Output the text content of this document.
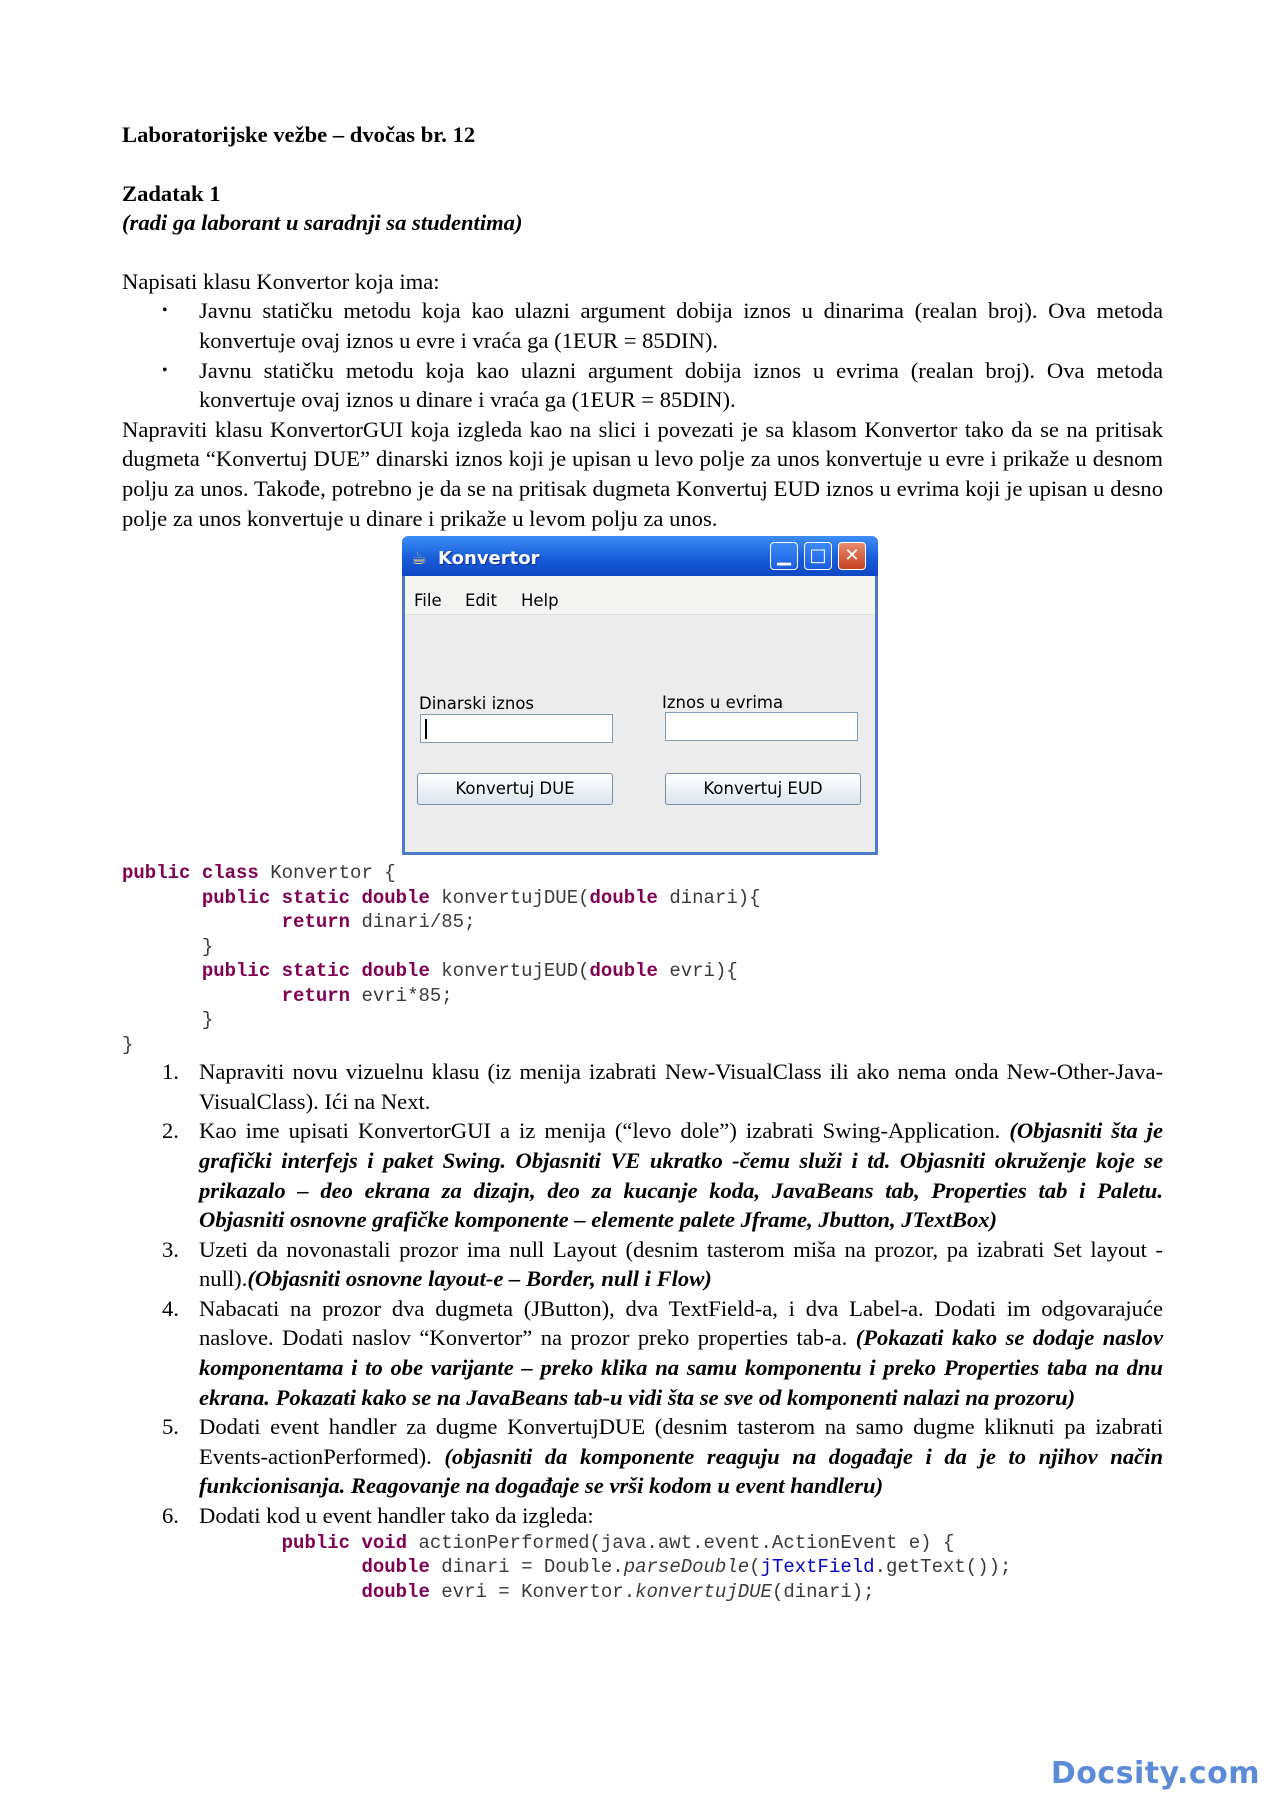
Laboratorijske vežbe – dvočas br. 12

Zadatak 1

(radi ga laborant u saradnji sa studentima)

Napisati klasu Konvertor koja ima:

• Javnu statičku metodu koja kao ulazni argument dobija iznos u dinarima (realan broj). Ova metoda konvertuje ovaj iznos u evre i vraća ga (1EUR = 85DIN).
• Javnu statičku metodu koja kao ulazni argument dobija iznos u evrima (realan broj). Ova metoda konvertuje ovaj iznos u dinare i vraća ga (1EUR = 85DIN).

Napraviti klasu KonvertorGUI koja izgleda kao na slici i povezati je sa klasom Konvertor tako da se na pritisak dugmeta “Konvertuj DUE” dinarski iznos koji je upisan u levo polje za unos konvertuje u evre i prikaže u desnom polju za unos. Takođe, potrebno je da se na pritisak dugmeta Konvertuj EUD iznos u evrima koji je upisan u desno polje za unos konvertuje u dinare i prikaže u levom polju za unos.

☕ Konvertor	▁	□ ✕
File Edit Help
Dinarski iznos	Iznos u evrima
Konvertuj DUE	Konvertuj EUD
public class Konvertor {
public static double konvertujDUE(double dinari){
return dinari/85;
}
public static double konvertujEUD(double evri){
return evri*85;
}
}
1. Napraviti novu vizuelnu klasu (iz menija izabrati New-VisualClass ili ako nema onda New-Other-Java-VisualClass). Ići na Next.
2. Kao ime upisati KonvertorGUI a iz menija (“levo dole”) izabrati Swing-Application. (Objasniti šta je grafički interfejs i paket Swing. Objasniti VE ukratko -čemu služi i td. Objasniti okruženje koje se prikazalo – deo ekrana za dizajn, deo za kucanje koda, JavaBeans tab, Properties tab i Paletu. Objasniti osnovne grafičke komponente – elemente palete Jframe, Jbutton, JTextBox)
3. Uzeti da novonastali prozor ima null Layout (desnim tasterom miša na prozor, pa izabrati Set layout - null).(Objasniti osnovne layout-e – Border, null i Flow)
4. Nabacati na prozor dva dugmeta (JButton), dva TextField-a, i dva Label-a. Dodati im odgovarajuće naslove. Dodati naslov “Konvertor” na prozor preko properties tab-a. (Pokazati kako se dodaje naslov komponentama i to obe varijante – preko klika na samu komponentu i preko Properties taba na dnu ekrana. Pokazati kako se na JavaBeans tab-u vidi šta se sve od komponenti nalazi na prozoru)
5. Dodati event handler za dugme KonvertujDUE (desnim tasterom na samo dugme kliknuti pa izabrati Events-actionPerformed). (objasniti da komponente reaguju na događaje i da je to njihov način funkcionisanja. Reagovanje na događaje se vrši kodom u event handleru)
6. Dodati kod u event handler tako da izgleda:
public void actionPerformed(java.awt.event.ActionEvent e) {
double dinari = Double.parseDouble(jTextField.getText());
double evri = Konvertor.konvertujDUE(dinari);
Docsity.com
